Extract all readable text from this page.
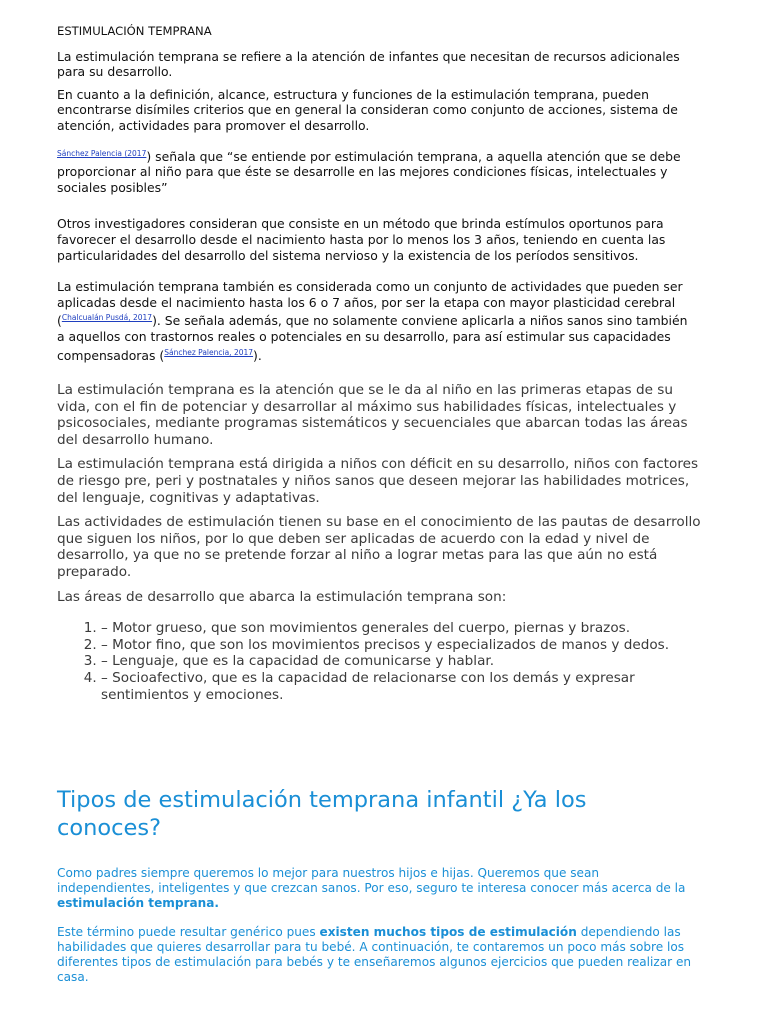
ESTIMULACIÓN TEMPRANA

La estimulación temprana se refiere a la atención de infantes que necesitan de recursos adicionales para su desarrollo.

En cuanto a la definición, alcance, estructura y funciones de la estimulación temprana, pueden encontrarse disímiles criterios que en general la consideran como conjunto de acciones, sistema de atención, actividades para promover el desarrollo.

$^{Sánchez Palencia (2017}$) señala que “se entiende por estimulación temprana, a aquella atención que se debe proporcionar al niño para que éste se desarrolle en las mejores condiciones físicas, intelectuales y sociales posibles”

Otros investigadores consideran que consiste en un método que brinda estímulos oportunos para favorecer el desarrollo desde el nacimiento hasta por lo menos los 3 años, teniendo en cuenta las particularidades del desarrollo del sistema nervioso y la existencia de los períodos sensitivos.

La estimulación temprana también es considerada como un conjunto de actividades que pueden ser aplicadas desde el nacimiento hasta los 6 o 7 años, por ser la etapa con mayor plasticidad cerebral ($^{Chalcualán Pusdá, 2017}$). Se señala además, que no solamente conviene aplicarla a niños sanos sino también a aquellos con trastornos reales o potenciales en su desarrollo, para así estimular sus capacidades compensadoras ($^{Sánchez Palencia, 2017}$).

La estimulación temprana es la atención que se le da al niño en las primeras etapas de su vida, con el fin de potenciar y desarrollar al máximo sus habilidades físicas, intelectuales y psicosociales, mediante programas sistemáticos y secuenciales que abarcan todas las áreas del desarrollo humano.

La estimulación temprana está dirigida a niños con déficit en su desarrollo, niños con factores de riesgo pre, peri y postnatales y niños sanos que deseen mejorar las habilidades motrices, del lenguaje, cognitivas y adaptativas.

Las actividades de estimulación tienen su base en el conocimiento de las pautas de desarrollo que siguen los niños, por lo que deben ser aplicadas de acuerdo con la edad y nivel de desarrollo, ya que no se pretende forzar al niño a lograr metas para las que aún no está preparado.

Las áreas de desarrollo que abarca la estimulación temprana son:

1. – Motor grueso, que son movimientos generales del cuerpo, piernas y brazos.
2. – Motor fino, que son los movimientos precisos y especializados de manos y dedos.
3. – Lenguaje, que es la capacidad de comunicarse y hablar.
4. – Socioafectivo, que es la capacidad de relacionarse con los demás y expresar sentimientos y emociones.
Tipos de estimulación temprana infantil ¿Ya los conoces?

Como padres siempre queremos lo mejor para nuestros hijos e hijas. Queremos que sean independientes, inteligentes y que crezcan sanos. Por eso, seguro te interesa conocer más acerca de la estimulación temprana.

Este término puede resultar genérico pues existen muchos tipos de estimulación dependiendo las habilidades que quieres desarrollar para tu bebé. A continuación, te contaremos un poco más sobre los diferentes tipos de estimulación para bebés y te enseñaremos algunos ejercicios que pueden realizar en casa.
